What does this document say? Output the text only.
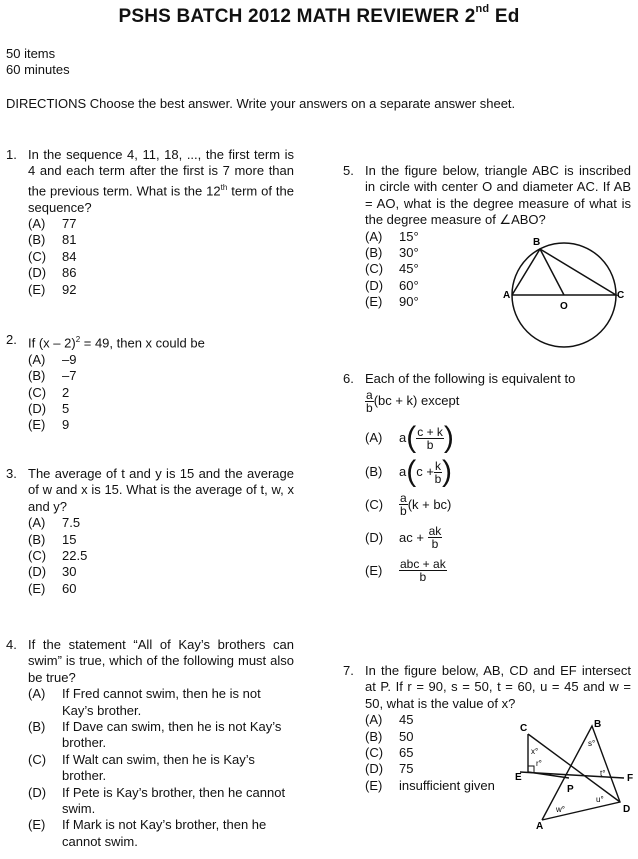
PSHS BATCH 2012 MATH REVIEWER 2nd Ed
50 items
60 minutes
DIRECTIONS Choose the best answer. Write your answers on a separate answer sheet.
1. In the sequence 4, 11, 18, ..., the first term is 4 and each term after the first is 7 more than the previous term. What is the 12th term of the sequence?
(A)	77
(B)	81
(C)	84
(D)	86
(E)	92
2. If (x – 2)$^2$ = 49, then x could be
(A)	–9
(B)	–7
(C)	2
(D)	5
(E)	9
3. The average of t and y is 15 and the average of w and x is 15. What is the average of t, w, x and y?
(A)	7.5
(B)	15
(C)	22.5
(D)	30
(E)	60
4. If the statement “All of Kay’s brothers can swim” is true, which of the following must also be true?
(A)	If Fred cannot swim, then he is not Kay’s brother.
(B)	If Dave can swim, then he is not Kay’s brother.
(C)	If Walt can swim, then he is Kay’s brother.
(D)	If Pete is Kay’s brother, then he cannot swim.
(E)	If Mark is not Kay’s brother, then he cannot swim.
5. In the figure below, triangle ABC is inscribed in circle with center O and diameter AC. If AB = AO, what is the degree measure of what is the degree measure of ∠ABO?
(A)	15°
(B)	30°
(C)	45°
(D)	60°
(E)	90°
B
A	C
O
6. Each of the following is equivalent to
$\frac{a}{b} (bc + k)$ except
(A)	a ( $\frac{c + k}{b}$ )
(B)	a ( $c + \frac{k}{b}$ )
(C)	$\frac{a}{b} (k + bc)$
(D)	ac +
$\frac{ak}{b}$
(E)	$\frac{\text{abc + ak}}{b}$
7. In the figure below, AB, CD and EF intersect at P. If r = 90, s = 50, t = 60, u = 45 and w = 50, what is the value of x?
(A)	45
(B)	50
(C)	65
(D)	75
(E)	insufficient given
C	B
E	F
P
D
A
x°
r°
s°
t°
u°
w°
